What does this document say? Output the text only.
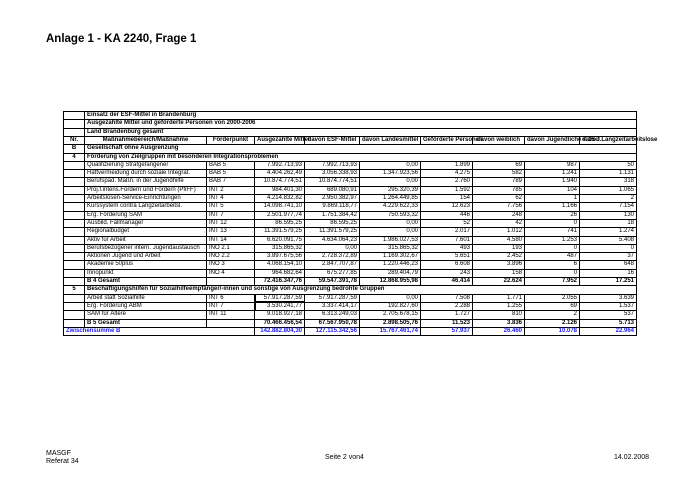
Anlage 1 - KA 2240, Frage 1
	Einsatz der ESF-Mittel in Brandenburg								
	Ausgezahlte Mittel und geförderte Personen von 2000-2006								
	Land Brandenburg gesamt								
Nr.	Maßnahmebereich/Maßnahme	Förderpunkt	Ausgezahlte Mittel	davon ESF-Mittel	davon Landesmittel	Geförderte Personen	davon weiblich	davon Jugendliche < 25 J.	davon Langzeitarbeitslose
B	Gesellschaft ohne Ausgrenzung								
4	Förderung von Zielgruppen mit besonderen Integrationsproblemen								
	Qualifizierung Strafgefangener	BAB 5	7.992.713,93	7.992.713,93	0,00	1.899	69	987	50
	Haftvermeidung durch soziale Integrat.	BAB 5	4.404.262,49	3.056.338,93	1.347.923,56	4.275	582	1.241	1.131
	Berufspäd. Maßn. in der Jugendhilfe	BAB 7	10.874.774,51	10.874.774,51	0,00	2.760	789	1.940	318
	Proj.f.intens.Fordern und Fördern (PfiFF)	INT 2	984.401,30	689.080,91	295.320,39	1.592	785	104	1.065
	Arbeitslosen-Service-Einrichtungen	INT 4	4.214.832,82	2.950.382,97	1.264.449,85	154	62	1	2
	Kurssystem contra Langzeitarbeitsl.	INT 5	14.098.741,10	9.869.118,77	4.229.622,33	12.623	7.756	1.166	7.154
	Erg. Förderung SAM	INT 7	2.501.977,74	1.751.384,42	750.593,32	446	248	26	130
	Ausbild. Fallmanager	INT 12	86.595,25	86.595,25	0,00	52	42	0	18
	Regionalbudget	INT 13	11.391.579,25	11.391.579,25	0,00	2.017	1.012	741	1.274
	Aktiv für Arbeit	INT 14	6.620.091,75	4.634.064,23	1.986.027,53	7.601	4.580	1.253	5.408
	Berufsbezogener intern. Jugendaustausch	INO 2.1	315.865,32	0,00	315.865,32	493	193	0	0
	Aktionen Jugend und Arbeit	INO 2.2	3.897.675,56	2.728.372,89	1.169.302,67	5.651	2.452	487	37
	Akademie 50plus	INO 3	4.068.154,10	2.847.707,87	1.220.446,23	6.608	3.896	6	648
	Innopunkt	INO 4	964.682,64	675.277,85	289.404,79	243	158	0	16
	B 4 Gesamt		72.416.347,76	59.547.391,78	12.868.955,98	46.414	22.624	7.952	17.251
5	Beschäftigungshilfen für Sozialhilfeempfänger/-innen und sonstige von Ausgrenzung bedrohte Gruppen								
	Arbeit statt Sozialhilfe	INT 6	57.917.287,59	57.917.287,59	0,00	7.508	1.771	2.055	3.639
	Erg. Förderung ABM	INT 7	3.530.241,77	3.337.414,17	192.827,60	2.288	1.255	69	1.537
	SAM für Ältere	INT 11	9.018.927,18	6.313.249,03	2.705.678,15	1.727	810	2	537
	B 5 Gesamt		70.466.456,54	67.567.950,78	2.898.505,76	11.523	3.836	2.126	5.713
Zwischensumme B			142.882.804,30	127.115.342,56	15.767.461,74	57.937	26.460	10.078	22.964
MASGF
Referat 34
Seite 2 von4	14.02.2008
